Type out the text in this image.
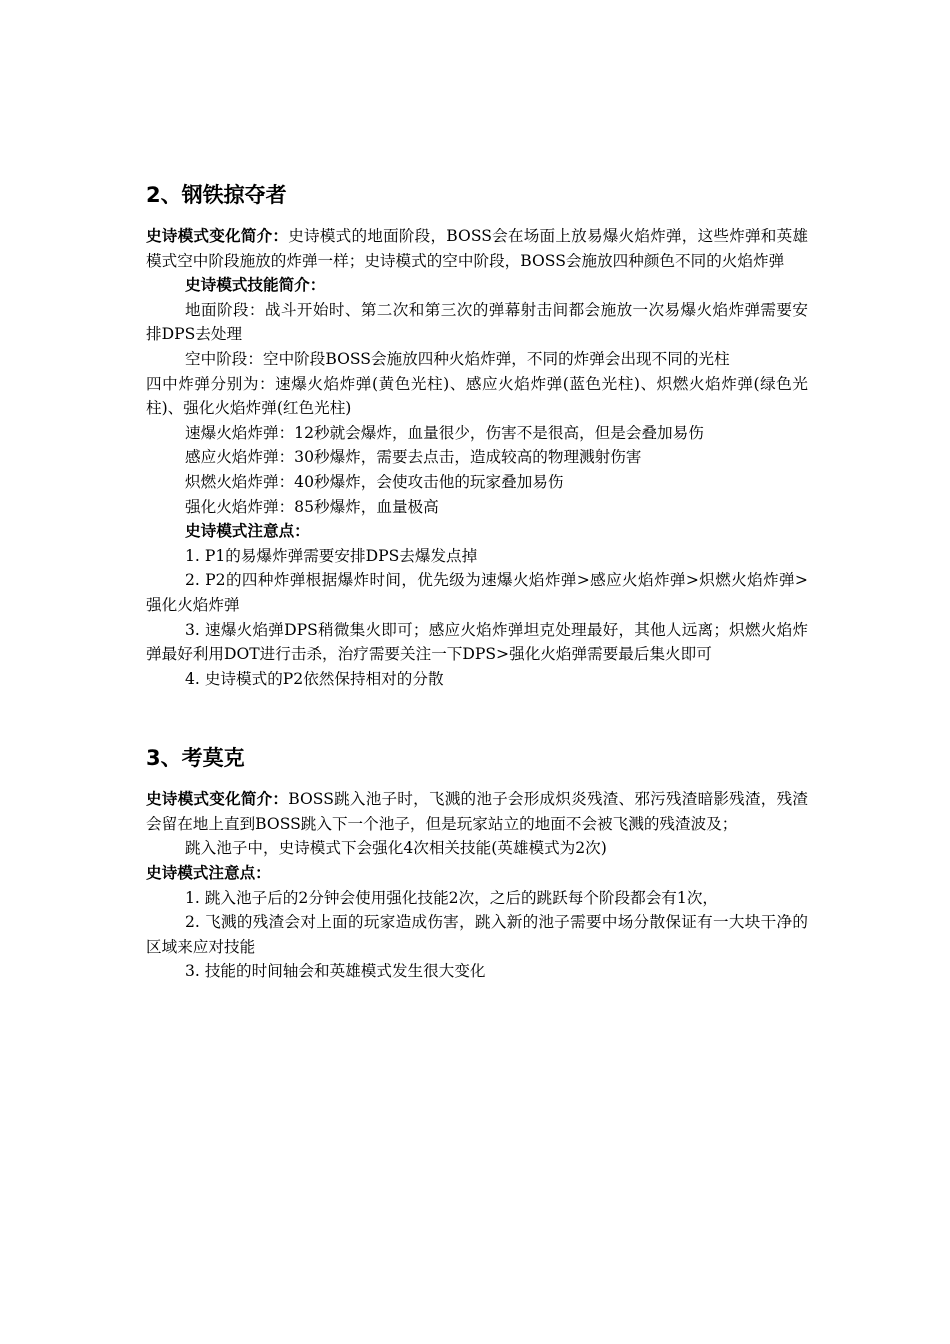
2、钢铁掠夺者

史诗模式变化简介：史诗模式的地面阶段，BOSS会在场面上放易爆火焰炸弹，这些炸弹和英雄模式空中阶段施放的炸弹一样；史诗模式的空中阶段，BOSS会施放四种颜色不同的火焰炸弹

史诗模式技能简介：

地面阶段：战斗开始时、第二次和第三次的弹幕射击间都会施放一次易爆火焰炸弹需要安排DPS去处理

空中阶段：空中阶段BOSS会施放四种火焰炸弹，不同的炸弹会出现不同的光柱

四中炸弹分别为：速爆火焰炸弹(黄色光柱)、感应火焰炸弹(蓝色光柱)、炽燃火焰炸弹(绿色光柱)、强化火焰炸弹(红色光柱)

速爆火焰炸弹：12秒就会爆炸，血量很少，伤害不是很高，但是会叠加易伤

感应火焰炸弹：30秒爆炸，需要去点击，造成较高的物理溅射伤害

炽燃火焰炸弹：40秒爆炸，会使攻击他的玩家叠加易伤

强化火焰炸弹：85秒爆炸，血量极高

史诗模式注意点：

1. P1的易爆炸弹需要安排DPS去爆发点掉

2. P2的四种炸弹根据爆炸时间，优先级为速爆火焰炸弹>感应火焰炸弹>炽燃火焰炸弹>强化火焰炸弹

3. 速爆火焰弹DPS稍微集火即可；感应火焰炸弹坦克处理最好，其他人远离；炽燃火焰炸弹最好利用DOT进行击杀，治疗需要关注一下DPS>强化火焰弹需要最后集火即可

4. 史诗模式的P2依然保持相对的分散

3、考莫克

史诗模式变化简介：BOSS跳入池子时，飞溅的池子会形成炽炎残渣、邪污残渣暗影残渣，残渣会留在地上直到BOSS跳入下一个池子，但是玩家站立的地面不会被飞溅的残渣波及；

跳入池子中，史诗模式下会强化4次相关技能(英雄模式为2次)

史诗模式注意点：

1. 跳入池子后的2分钟会使用强化技能2次，之后的跳跃每个阶段都会有1次，

2. 飞溅的残渣会对上面的玩家造成伤害，跳入新的池子需要中场分散保证有一大块干净的区域来应对技能

3. 技能的时间轴会和英雄模式发生很大变化
